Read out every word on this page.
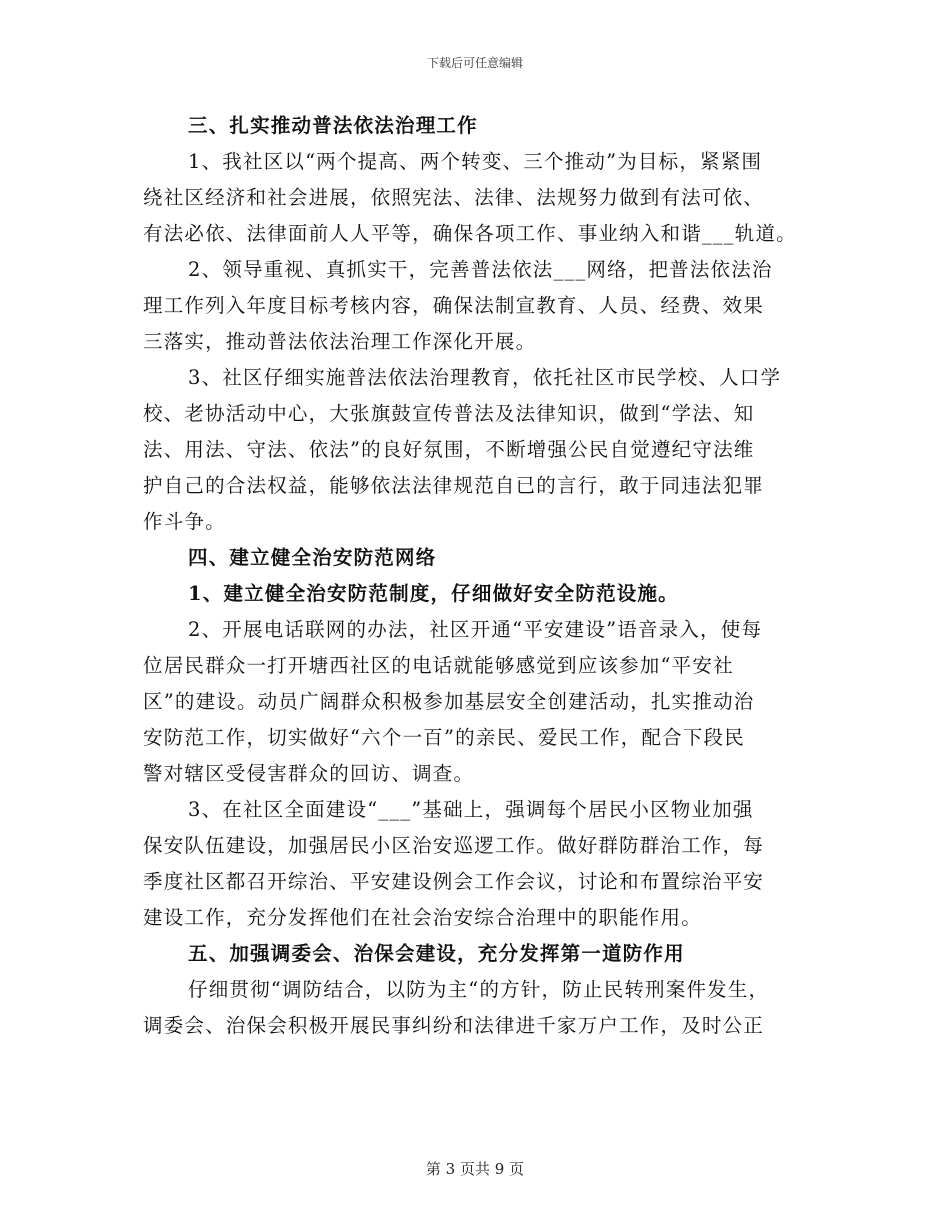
下载后可任意编辑
三、扎实推动普法依法治理工作
1、我社区以“两个提高、两个转变、三个推动”为目标，紧紧围
绕社区经济和社会进展，依照宪法、法律、法规努力做到有法可依、
有法必依、法律面前人人平等，确保各项工作、事业纳入和谐___轨道。
2、领导重视、真抓实干，完善普法依法___网络，把普法依法治
理工作列入年度目标考核内容，确保法制宣教育、人员、经费、效果
三落实，推动普法依法治理工作深化开展。
3、社区仔细实施普法依法治理教育，依托社区市民学校、人口学
校、老协活动中心，大张旗鼓宣传普法及法律知识，做到“学法、知
法、用法、守法、依法”的良好氛围，不断增强公民自觉遵纪守法维
护自己的合法权益，能够依法法律规范自已的言行，敢于同违法犯罪
作斗争。
四、建立健全治安防范网络
1、建立健全治安防范制度，仔细做好安全防范设施。
2、开展电话联网的办法，社区开通“平安建设”语音录入，使每
位居民群众一打开塘西社区的电话就能够感觉到应该参加“平安社
区”的建设。动员广阔群众积极参加基层安全创建活动，扎实推动治
安防范工作，切实做好“六个一百”的亲民、爱民工作，配合下段民
警对辖区受侵害群众的回访、调查。
3、在社区全面建设“___”基础上，强调每个居民小区物业加强
保安队伍建设，加强居民小区治安巡逻工作。做好群防群治工作，每
季度社区都召开综治、平安建设例会工作会议，讨论和布置综治平安
建设工作，充分发挥他们在社会治安综合治理中的职能作用。
五、加强调委会、治保会建设，充分发挥第一道防作用
仔细贯彻“调防结合，以防为主“的方针，防止民转刑案件发生，
调委会、治保会积极开展民事纠纷和法律进千家万户工作，及时公正
第 3 页共 9 页
